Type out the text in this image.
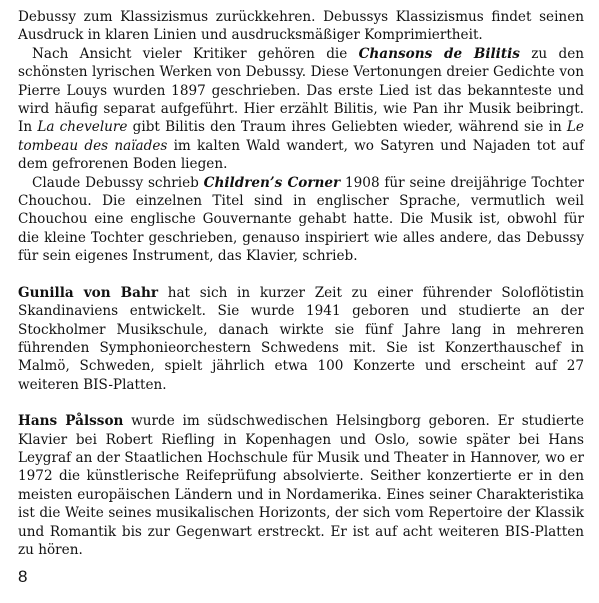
Debussy zum Klassizismus zurückkehren. Debussys Klassizismus findet seinen Ausdruck in klaren Linien und ausdrucksmäßiger Komprimiertheit.

Nach Ansicht vieler Kritiker gehören die Chansons de Bilitis zu den schönsten lyrischen Werken von Debussy. Diese Vertonungen dreier Gedichte von Pierre Louys wurden 1897 geschrieben. Das erste Lied ist das bekannteste und wird häufig separat aufgeführt. Hier erzählt Bilitis, wie Pan ihr Musik beibringt. In La chevelure gibt Bilitis den Traum ihres Geliebten wieder, während sie in Le tombeau des naïades im kalten Wald wandert, wo Satyren und Najaden tot auf dem gefrorenen Boden liegen.

Claude Debussy schrieb Children’s Corner 1908 für seine dreijährige Tochter Chouchou. Die einzelnen Titel sind in englischer Sprache, vermutlich weil Chouchou eine englische Gouvernante gehabt hatte. Die Musik ist, obwohl für die kleine Tochter geschrieben, genauso inspiriert wie alles andere, das Debussy für sein eigenes Instrument, das Klavier, schrieb.

Gunilla von Bahr hat sich in kurzer Zeit zu einer führender Soloflötistin Skandinaviens entwickelt. Sie wurde 1941 geboren und studierte an der Stockholmer Musikschule, danach wirkte sie fünf Jahre lang in mehreren führenden Symphonieorchestern Schwedens mit. Sie ist Konzerthauschef in Malmö, Schweden, spielt jährlich etwa 100 Konzerte und erscheint auf 27 weiteren BIS-Platten.

Hans Pålsson wurde im südschwedischen Helsingborg geboren. Er studierte Klavier bei Robert Riefling in Kopenhagen und Oslo, sowie später bei Hans Leygraf an der Staatlichen Hochschule für Musik und Theater in Hannover, wo er 1972 die künstlerische Reifeprüfung absolvierte. Seither konzertierte er in den meisten europäischen Ländern und in Nordamerika. Eines seiner Charakteristika ist die Weite seines musikalischen Horizonts, der sich vom Repertoire der Klassik und Romantik bis zur Gegenwart erstreckt. Er ist auf acht weiteren BIS-Platten zu hören.

8
